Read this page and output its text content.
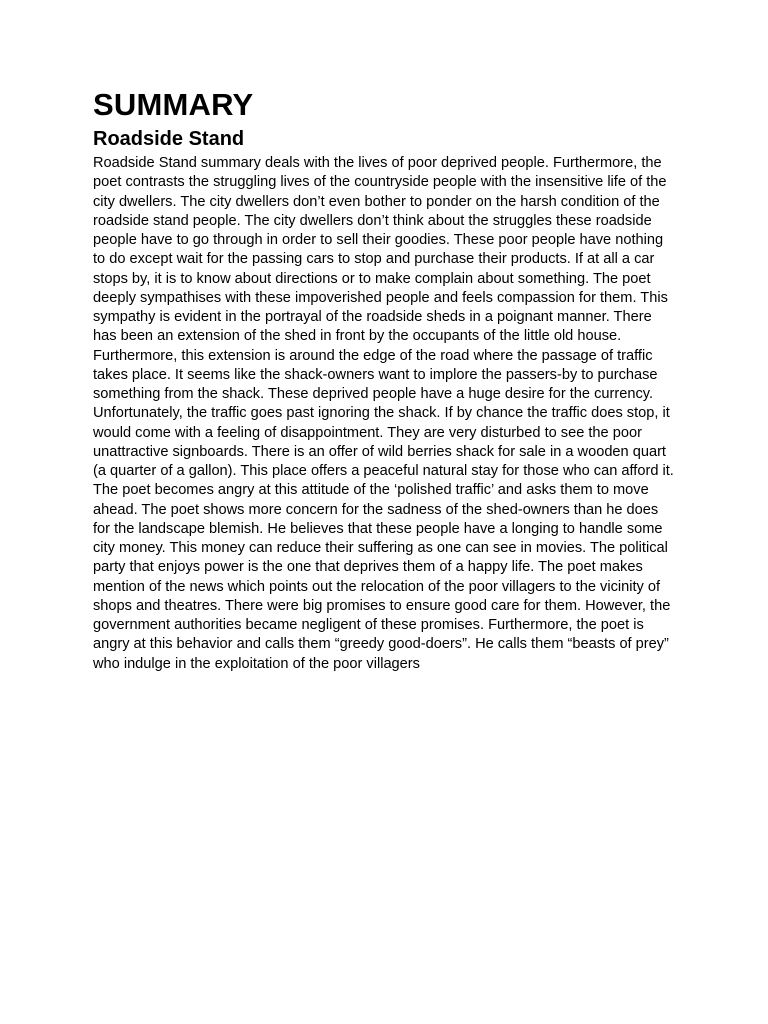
SUMMARY
Roadside Stand

Roadside Stand summary deals with the lives of poor deprived people. Furthermore, the poet contrasts the struggling lives of the countryside people with the insensitive life of the city dwellers. The city dwellers don’t even bother to ponder on the harsh condition of the roadside stand people. The city dwellers don’t think about the struggles these roadside people have to go through in order to sell their goodies. These poor people have nothing to do except wait for the passing cars to stop and purchase their products. If at all a car stops by, it is to know about directions or to make complain about something. The poet deeply sympathises with these impoverished people and feels compassion for them. This sympathy is evident in the portrayal of the roadside sheds in a poignant manner. There has been an extension of the shed in front by the occupants of the little old house. Furthermore, this extension is around the edge of the road where the passage of traffic takes place. It seems like the shack-owners want to implore the passers-by to purchase something from the shack. These deprived people have a huge desire for the currency. Unfortunately, the traffic goes past ignoring the shack. If by chance the traffic does stop, it would come with a feeling of disappointment. They are very disturbed to see the poor unattractive signboards. There is an offer of wild berries shack for sale in a wooden quart (a quarter of a gallon). This place offers a peaceful natural stay for those who can afford it. The poet becomes angry at this attitude of the ‘polished traffic’ and asks them to move ahead. The poet shows more concern for the sadness of the shed-owners than he does for the landscape blemish. He believes that these people have a longing to handle some city money. This money can reduce their suffering as one can see in movies. The political party that enjoys power is the one that deprives them of a happy life. The poet makes mention of the news which points out the relocation of the poor villagers to the vicinity of shops and theatres. There were big promises to ensure good care for them. However, the government authorities became negligent of these promises. Furthermore, the poet is angry at this behavior and calls them “greedy good-doers”. He calls them “beasts of prey” who indulge in the exploitation of the poor villagers
